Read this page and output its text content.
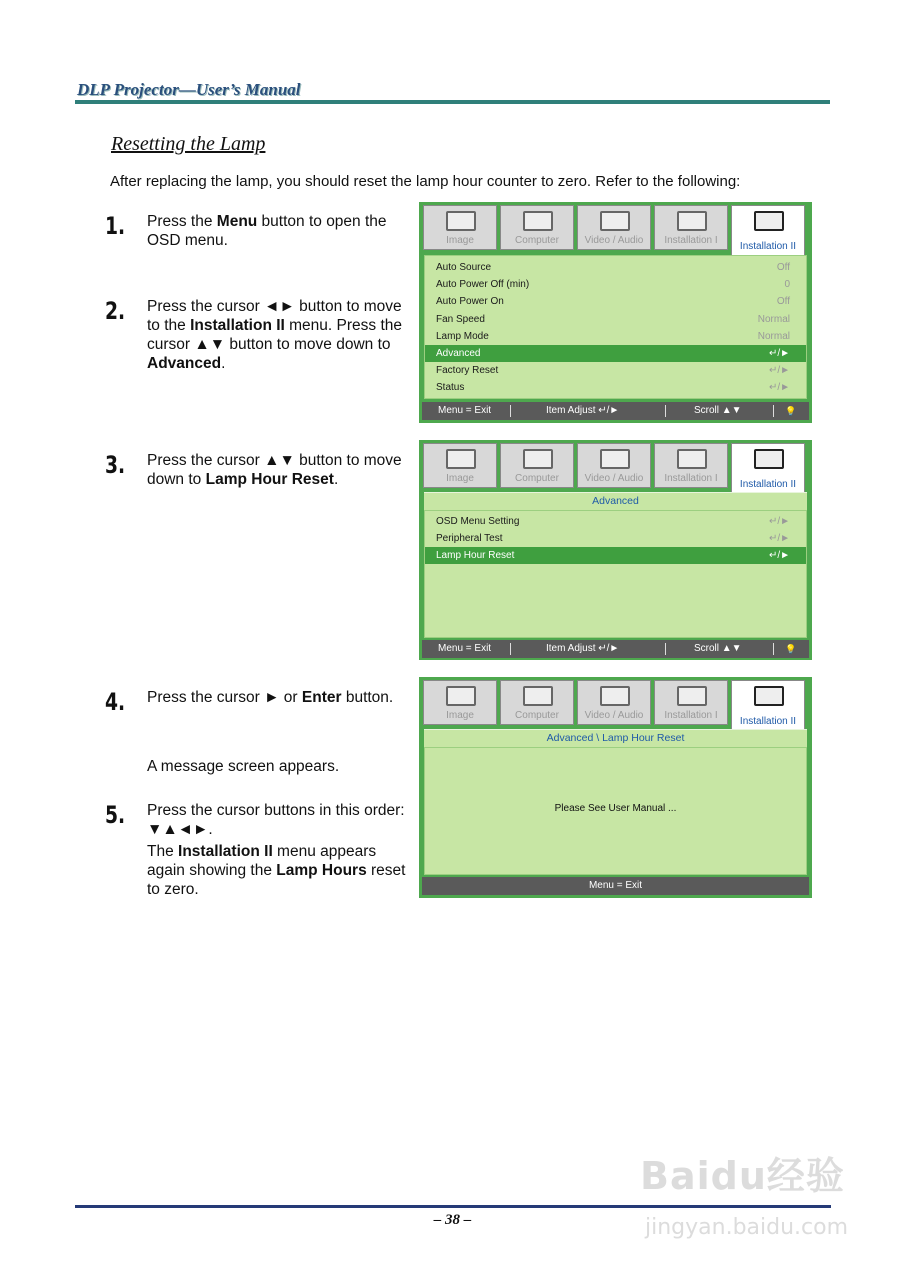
DLP Projector—User’s Manual
Resetting the Lamp
After replacing the lamp, you should reset the lamp hour counter to zero. Refer to the following:
1. Press the Menu button to open the OSD menu.
2. Press the cursor ◄► button to move to the Installation II menu. Press the cursor ▲▼ button to move down to Advanced.
3. Press the cursor ▲▼ button to move down to Lamp Hour Reset.
4. Press the cursor ► or Enter button.
A message screen appears.
5. Press the cursor buttons in this order: ▼▲◄►.
The Installation II menu appears again showing the Lamp Hours reset to zero.
Image	Computer	Video / Audio	Installation I
Installation II
Auto Source	Off
Auto Power Off (min)	0
Auto Power On	Off
Fan Speed	Normal
Lamp Mode	Normal
Advanced	↵/►
Factory Reset	↵/►
Status	↵/►
Menu = Exit	Item Adjust ↵/►	Scroll ▲▼	💡
Image	Computer	Video / Audio	Installation I
Installation II
Advanced
OSD Menu Setting	↵/►
Peripheral Test	↵/►
Lamp Hour Reset	↵/►
Menu = Exit	Item Adjust ↵/►	Scroll ▲▼	💡
Image	Computer	Video / Audio	Installation I
Installation II
Advanced \ Lamp Hour Reset
Please See User Manual ...
Menu = Exit
– 38 –
Baidu经验
jingyan.baidu.com
